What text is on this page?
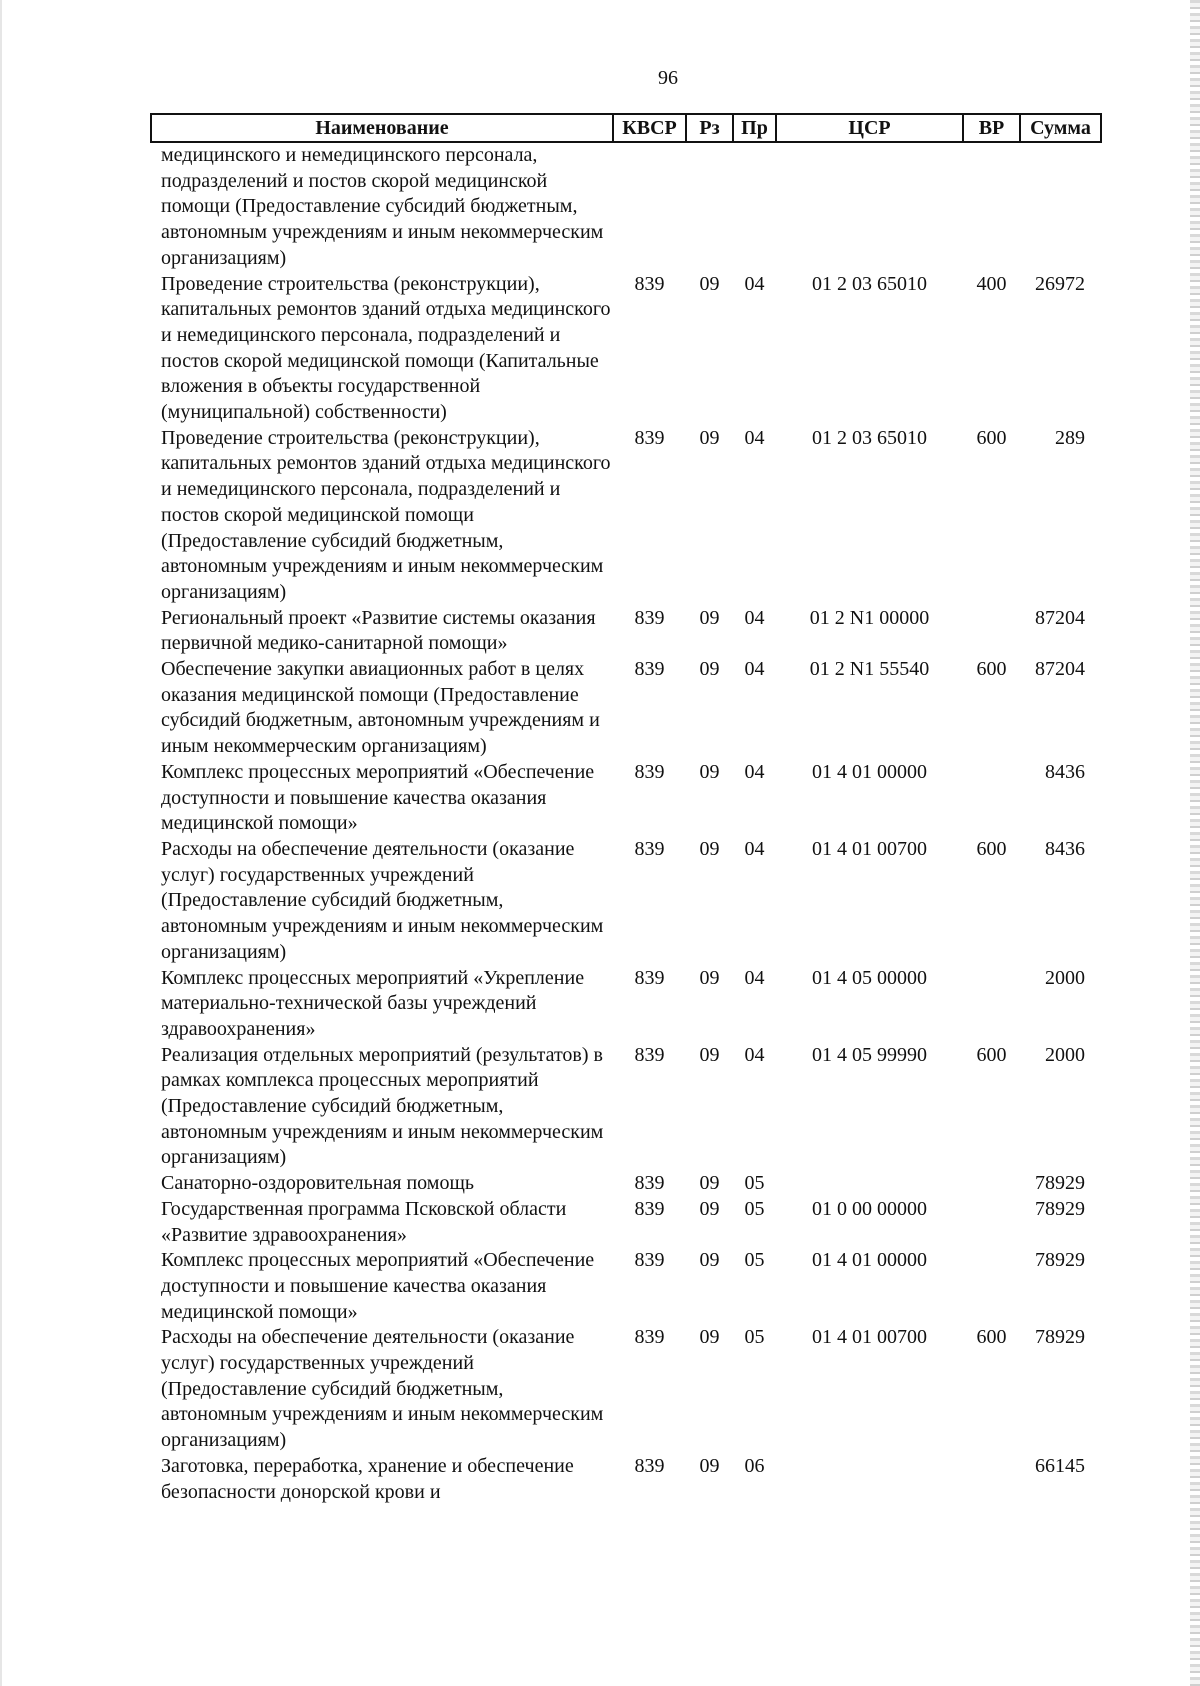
96
Наименование	КВСР	Рз	Пр	ЦСР	ВР	Сумма
медицинского и немедицинского персонала, подразделений и постов скорой медицинской помощи (Предоставление субсидий бюджетным, автономным учреждениям и иным некоммерческим организациям)						
Проведение строительства (реконструкции), капитальных ремонтов зданий отдыха медицинского и немедицинского персонала, подразделений и постов скорой медицинской помощи (Капитальные вложения в объекты государственной (муниципальной) собственности)	839	09	04	01 2 03 65010	400	26972
Проведение строительства (реконструкции), капитальных ремонтов зданий отдыха медицинского и немедицинского персонала, подразделений и постов скорой медицинской помощи (Предоставление субсидий бюджетным, автономным учреждениям и иным некоммерческим организациям)	839	09	04	01 2 03 65010	600	289
Региональный проект «Развитие системы оказания первичной медико-санитарной помощи»	839	09	04	01 2 N1 00000		87204
Обеспечение закупки авиационных работ в целях оказания медицинской помощи (Предоставление субсидий бюджетным, автономным учреждениям и иным некоммерческим организациям)	839	09	04	01 2 N1 55540	600	87204
Комплекс процессных мероприятий «Обеспечение доступности и повышение качества оказания медицинской помощи»	839	09	04	01 4 01 00000		8436
Расходы на обеспечение деятельности (оказание услуг) государственных учреждений (Предоставление субсидий бюджетным, автономным учреждениям и иным некоммерческим организациям)	839	09	04	01 4 01 00700	600	8436
Комплекс процессных мероприятий «Укрепление материально-технической базы учреждений здравоохранения»	839	09	04	01 4 05 00000		2000
Реализация отдельных мероприятий (результатов) в рамках комплекса процессных мероприятий (Предоставление субсидий бюджетным, автономным учреждениям и иным некоммерческим организациям)	839	09	04	01 4 05 99990	600	2000
Санаторно-оздоровительная помощь	839	09	05			78929
Государственная программа Псковской области «Развитие здравоохранения»	839	09	05	01 0 00 00000		78929
Комплекс процессных мероприятий «Обеспечение доступности и повышение качества оказания медицинской помощи»	839	09	05	01 4 01 00000		78929
Расходы на обеспечение деятельности (оказание услуг) государственных учреждений (Предоставление субсидий бюджетным, автономным учреждениям и иным некоммерческим организациям)	839	09	05	01 4 01 00700	600	78929
Заготовка, переработка, хранение и обеспечение безопасности донорской крови и	839	09	06			66145
